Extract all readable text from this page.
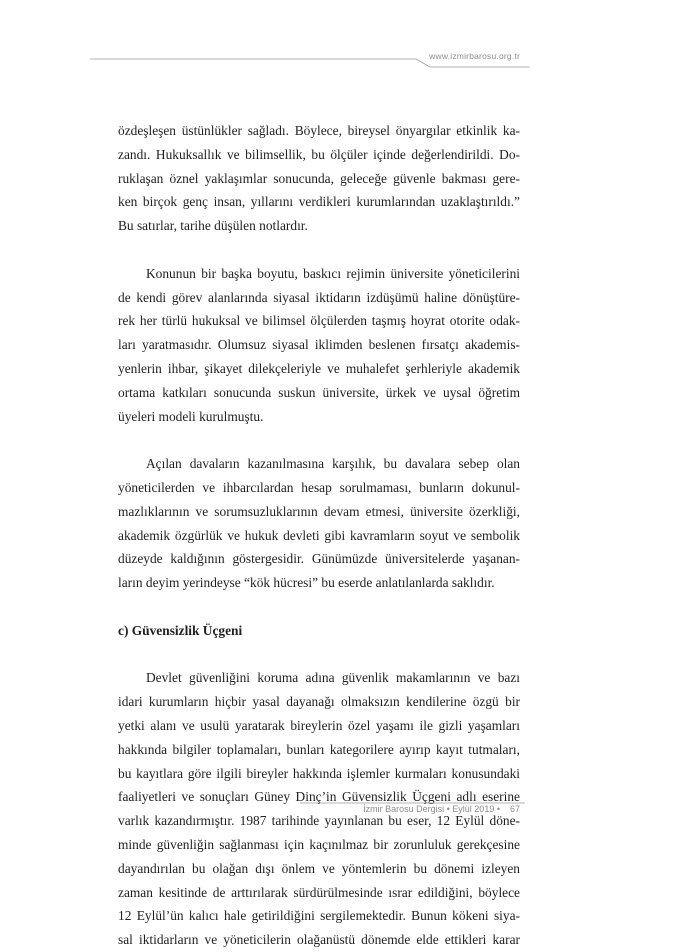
www.izmirbarosu.org.tr
özdeşleşen üstünlükler sağladı. Böylece, bireysel önyargılar etkinlik ka-
zandı. Hukuksallık ve bilimsellik, bu ölçüler içinde değerlendirildi. Do-
ruklaşan öznel yaklaşımlar sonucunda, geleceğe güvenle bakması gere-
ken birçok genç insan, yıllarını verdikleri kurumlarından uzaklaştırıldı.”
Bu satırlar, tarihe düşülen notlardır.
Konunun bir başka boyutu, baskıcı rejimin üniversite yöneticilerini
de kendi görev alanlarında siyasal iktidarın izdüşümü haline dönüştüre-
rek her türlü hukuksal ve bilimsel ölçülerden taşmış hoyrat otorite odak-
ları yaratmasıdır. Olumsuz siyasal iklimden beslenen fırsatçı akademis-
yenlerin ihbar, şikayet dilekçeleriyle ve muhalefet şerhleriyle akademik
ortama katkıları sonucunda suskun üniversite, ürkek ve uysal öğretim
üyeleri modeli kurulmuştu.
Açılan davaların kazanılmasına karşılık, bu davalara sebep olan
yöneticilerden ve ihbarcılardan hesap sorulmaması, bunların dokunul-
mazlıklarının ve sorumsuzluklarının devam etmesi, üniversite özerkliği,
akademik özgürlük ve hukuk devleti gibi kavramların soyut ve sembolik
düzeyde kaldığının göstergesidir. Günümüzde üniversitelerde yaşanan-
ların deyim yerindeyse “kök hücresi” bu eserde anlatılanlarda saklıdır.
c) Güvensizlik Üçgeni
Devlet güvenliğini koruma adına güvenlik makamlarının ve bazı
idari kurumların hiçbir yasal dayanağı olmaksızın kendilerine özgü bir
yetki alanı ve usulü yaratarak bireylerin özel yaşamı ile gizli yaşamları
hakkında bilgiler toplamaları, bunları kategorilere ayırıp kayıt tutmaları,
bu kayıtlara göre ilgili bireyler hakkında işlemler kurmaları konusundaki
faaliyetleri ve sonuçları Güney Dinç’in Güvensizlik Üçgeni adlı eserine
varlık kazandırmıştır. 1987 tarihinde yayınlanan bu eser, 12 Eylül döne-
minde güvenliğin sağlanması için kaçınılmaz bir zorunluluk gerekçesine
dayandırılan bu olağan dışı önlem ve yöntemlerin bu dönemi izleyen
zaman kesitinde de arttırılarak sürdürülmesinde ısrar edildiğini, böylece
12 Eylül’ün kalıcı hale getirildiğini sergilemektedir. Bunun kökeni siya-
sal iktidarların ve yöneticilerin olağanüstü dönemde elde ettikleri karar
İzmir Barosu Dergisi • Eylül 2019 • 67
